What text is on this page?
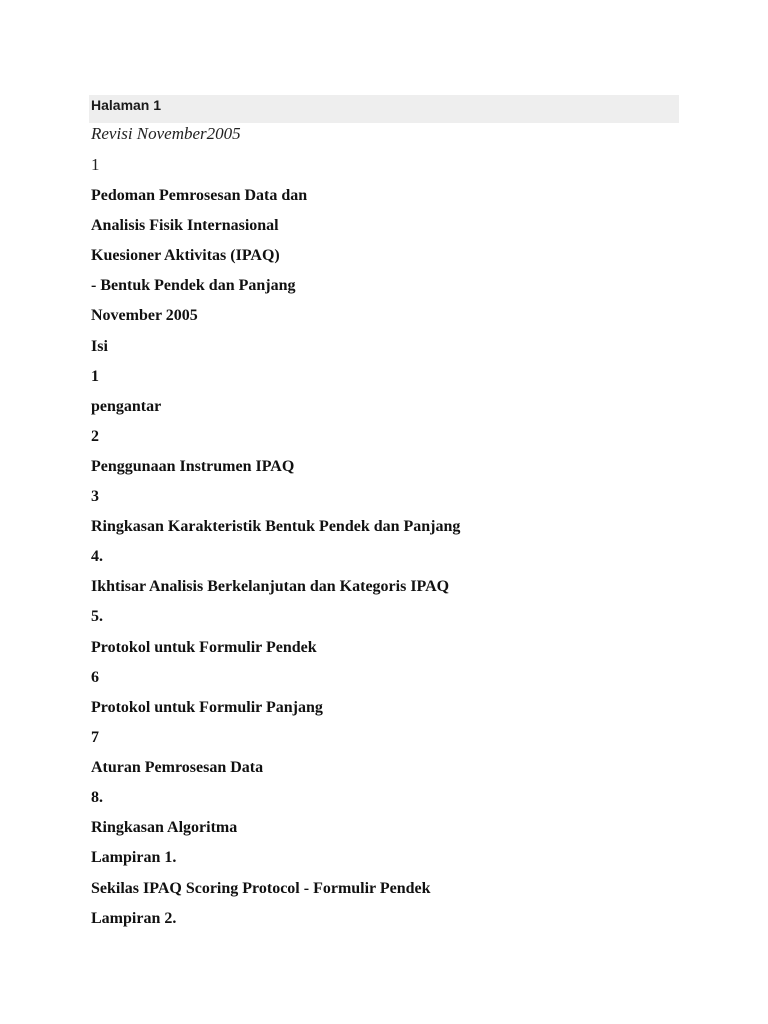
Halaman 1
Revisi November2005
1
Pedoman Pemrosesan Data dan
Analisis Fisik Internasional
Kuesioner Aktivitas (IPAQ)
- Bentuk Pendek dan Panjang
November 2005
Isi
1
pengantar
2
Penggunaan Instrumen IPAQ
3
Ringkasan Karakteristik Bentuk Pendek dan Panjang
4.
Ikhtisar Analisis Berkelanjutan dan Kategoris IPAQ
5.
Protokol untuk Formulir Pendek
6
Protokol untuk Formulir Panjang
7
Aturan Pemrosesan Data
8.
Ringkasan Algoritma
Lampiran 1.
Sekilas IPAQ Scoring Protocol - Formulir Pendek
Lampiran 2.
